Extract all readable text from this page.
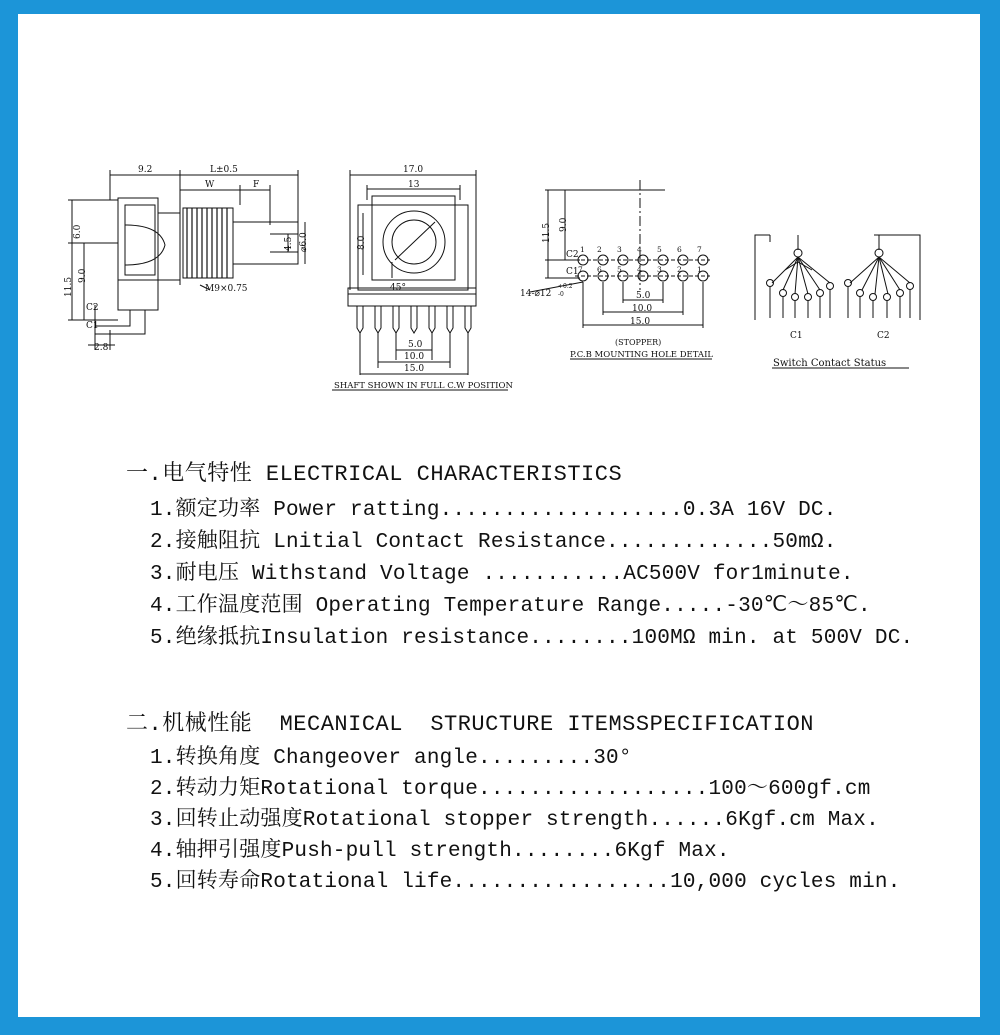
9.2	L±0.5
W	F
6.0
4.5 ⌀6.0
11.5
9.0
M9×0.75
C2
C1
2.8
17.0
13
8.0
45°
5.0
10.0
15.0
SHAFT SHOWN IN FULL C.W POSITION
11.5 9.0
C2
C1
14-⌀12
+0.2
-0	5.0
10.0
15.0
1 2 3 4 5 6 7
7 6 5 4 3 2 1
(STOPPER)
P.C.B MOUNTING HOLE DETAIL
C1	C2
Switch Contact Status
一.电气特性 ELECTRICAL CHARACTERISTICS
1.额定功率 Power ratting...................0.3A 16V DC.
2.接触阻抗 Lnitial Contact Resistance.............50mΩ.
3.耐电压 Withstand Voltage ...........AC500V for1minute.
4.工作温度范围 Operating Temperature Range.....-30℃～85℃.
5.绝缘抵抗Insulation resistance........100MΩ min. at 500V DC.
二.机械性能  MECANICAL  STRUCTURE ITEMSSPECIFICATION
1.转换角度 Changeover angle.........30°
2.转动力矩Rotational torque..................100～600gf.cm
3.回转止动强度Rotational stopper strength......6Kgf.cm Max.
4.轴押引强度Push-pull strength........6Kgf Max.
5.回转寿命Rotational life.................10,000 cycles min.
